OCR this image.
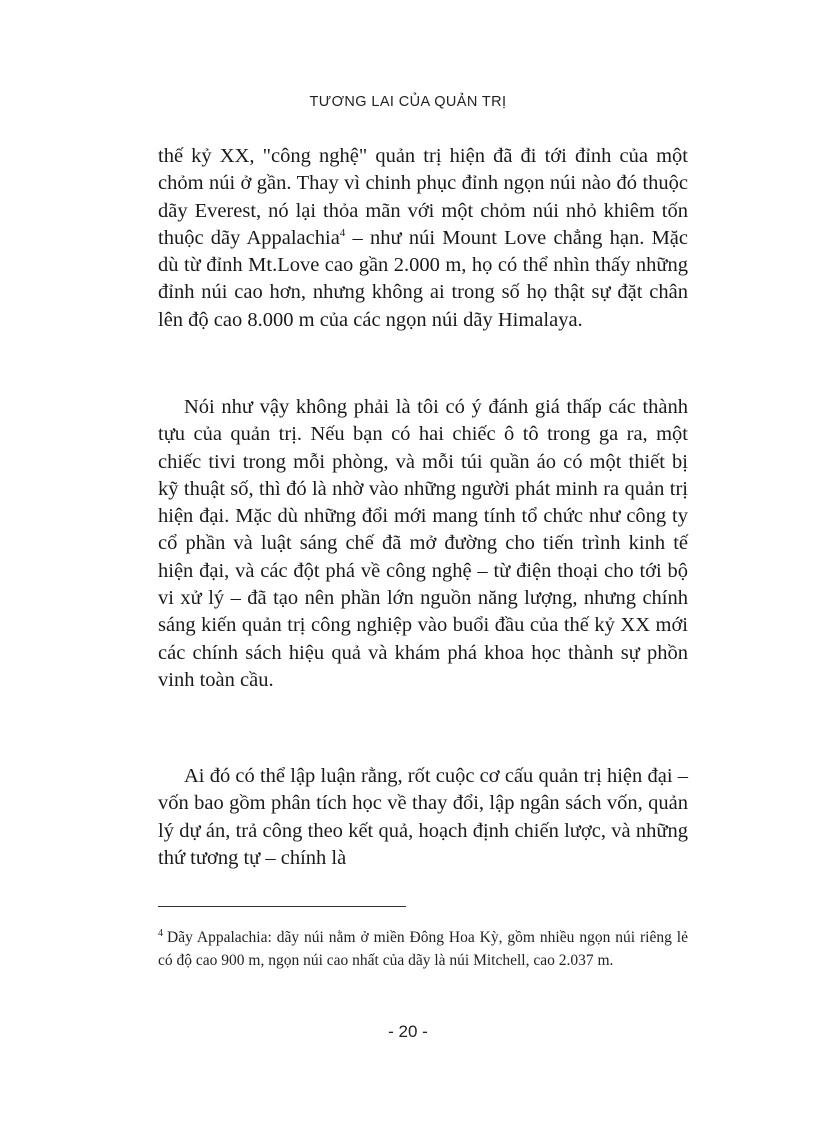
TƯƠNG LAI CỦA QUẢN TRỊ

thế kỷ XX, "công nghệ" quản trị hiện đã đi tới đỉnh của một chỏm núi ở gần. Thay vì chinh phục đỉnh ngọn núi nào đó thuộc dãy Everest, nó lại thỏa mãn với một chỏm núi nhỏ khiêm tốn thuộc dãy Appalachia$^4$ – như núi Mount Love chẳng hạn. Mặc dù từ đỉnh Mt.Love cao gần 2.000 m, họ có thể nhìn thấy những đỉnh núi cao hơn, nhưng không ai trong số họ thật sự đặt chân lên độ cao 8.000 m của các ngọn núi dãy Himalaya.

Nói như vậy không phải là tôi có ý đánh giá thấp các thành tựu của quản trị. Nếu bạn có hai chiếc ô tô trong ga ra, một chiếc tivi trong mỗi phòng, và mỗi túi quần áo có một thiết bị kỹ thuật số, thì đó là nhờ vào những người phát minh ra quản trị hiện đại. Mặc dù những đổi mới mang tính tổ chức như công ty cổ phần và luật sáng chế đã mở đường cho tiến trình kinh tế hiện đại, và các đột phá về công nghệ – từ điện thoại cho tới bộ vi xử lý – đã tạo nên phần lớn nguồn năng lượng, nhưng chính sáng kiến quản trị công nghiệp vào buổi đầu của thế kỷ XX mới các chính sách hiệu quả và khám phá khoa học thành sự phồn vinh toàn cầu.

Ai đó có thể lập luận rằng, rốt cuộc cơ cấu quản trị hiện đại – vốn bao gồm phân tích học về thay đổi, lập ngân sách vốn, quản lý dự án, trả công theo kết quả, hoạch định chiến lược, và những thứ tương tự – chính là

$^4$ Dãy Appalachia: dãy núi nằm ở miền Đông Hoa Kỳ, gồm nhiều ngọn núi riêng lẻ có độ cao 900 m, ngọn núi cao nhất của dãy là núi Mitchell, cao 2.037 m.
- 20 -
